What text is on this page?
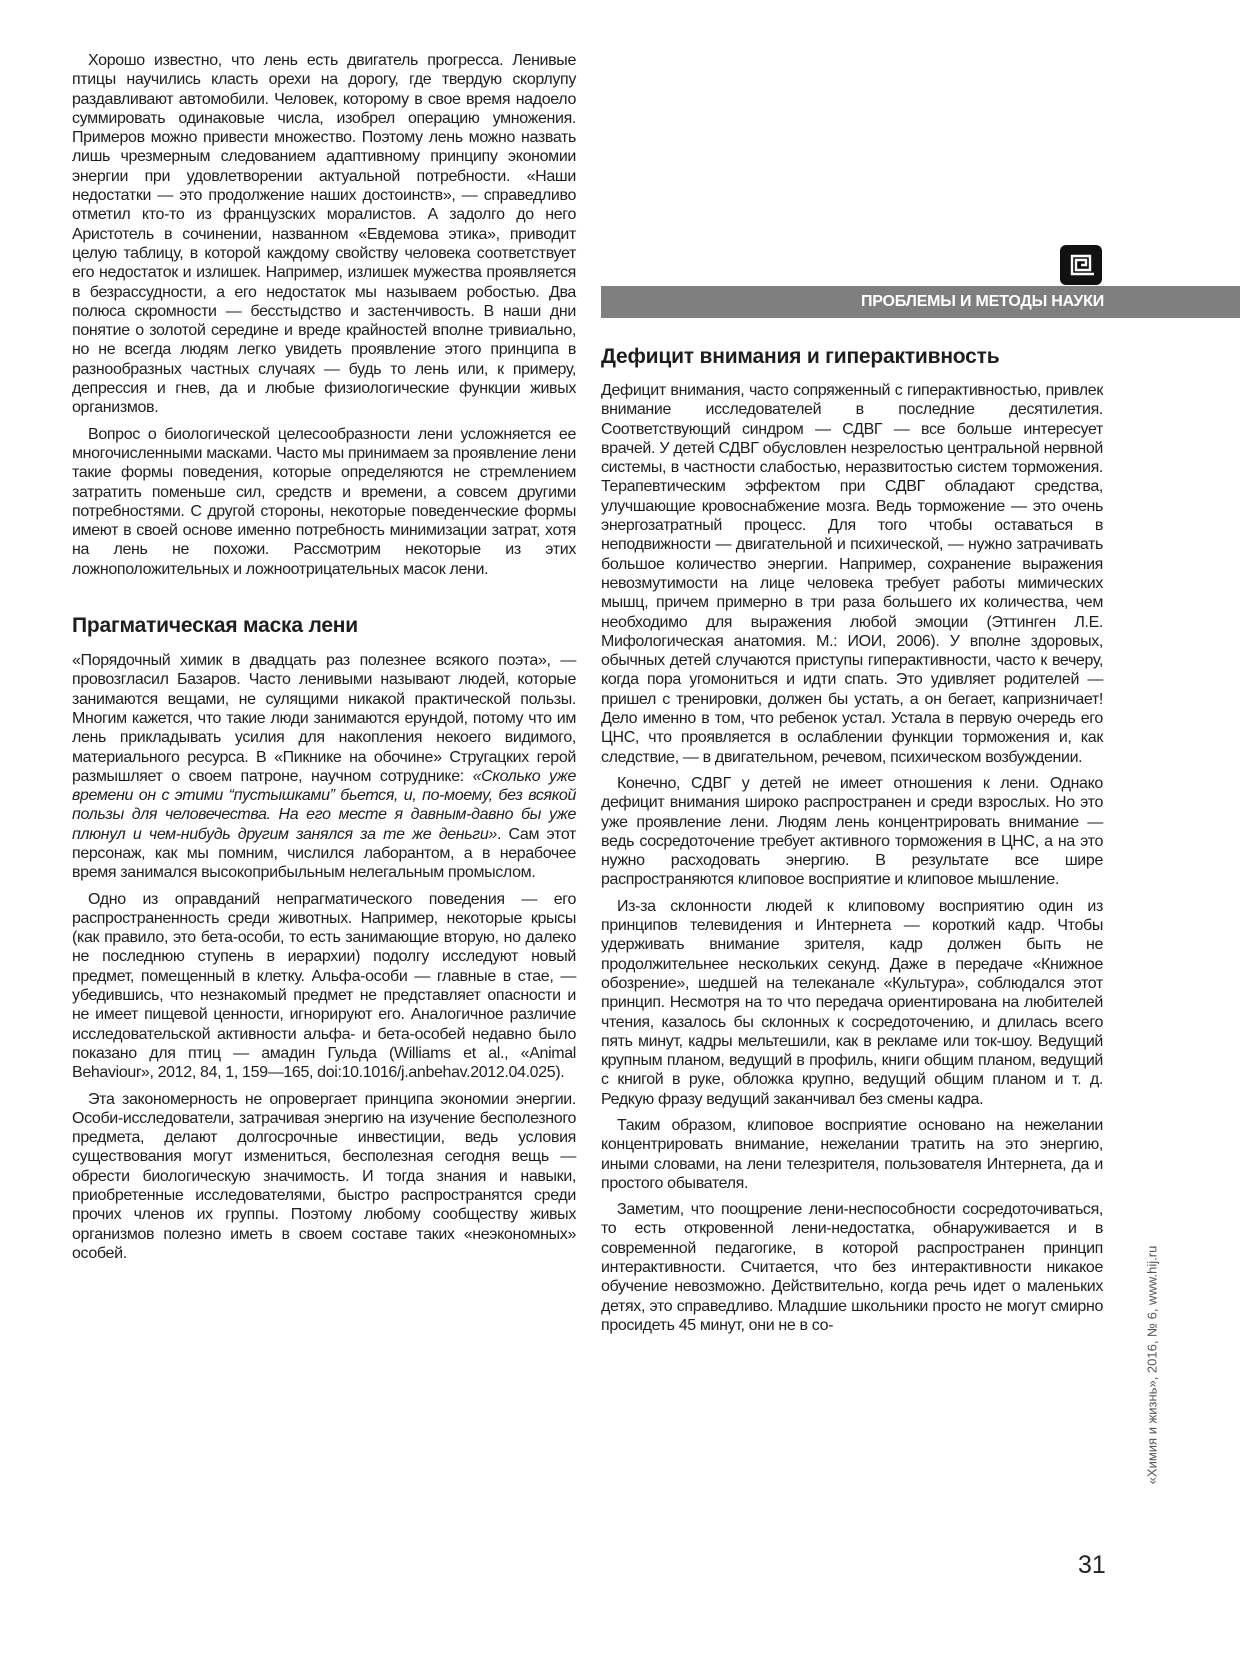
Хорошо известно, что лень есть двигатель прогресса. Ленивые птицы научились класть орехи на дорогу, где твердую скорлупу раздавливают автомобили. Человек, которому в свое время надоело суммировать одинаковые числа, изобрел операцию умножения. Примеров можно привести множество. Поэтому лень можно назвать лишь чрезмерным следованием адаптивному принципу экономии энергии при удовлетворении актуальной потребности. «Наши недостатки — это продолжение наших достоинств», — справедливо отметил кто-то из французских моралистов. А задолго до него Аристотель в сочинении, названном «Евдемова этика», приводит целую таблицу, в которой каждому свойству человека соответствует его недостаток и излишек. Например, излишек мужества проявляется в безрассудности, а его недостаток мы называем робостью. Два полюса скромности — бесстыдство и застенчивость. В наши дни понятие о золотой середине и вреде крайностей вполне тривиально, но не всегда людям легко увидеть проявление этого принципа в разнообразных частных случаях — будь то лень или, к примеру, депрессия и гнев, да и любые физиологические функции живых организмов.

Вопрос о биологической целесообразности лени усложняется ее многочисленными масками. Часто мы принимаем за проявление лени такие формы поведения, которые определяются не стремлением затратить поменьше сил, средств и времени, а совсем другими потребностями. С другой стороны, некоторые поведенческие формы имеют в своей основе именно потребность минимизации затрат, хотя на лень не похожи. Рассмотрим некоторые из этих ложноположительных и ложноотрицательных масок лени.

Прагматическая маска лени

«Порядочный химик в двадцать раз полезнее всякого поэта», — провозгласил Базаров. Часто ленивыми называют людей, которые занимаются вещами, не сулящими никакой практической пользы. Многим кажется, что такие люди занимаются ерундой, потому что им лень прикладывать усилия для накопления некоего видимого, материального ресурса. В «Пикнике на обочине» Стругацких герой размышляет о своем патроне, научном сотруднике: «Сколько уже времени он с этими “пустышками” бьется, и, по-моему, без всякой пользы для человечества. На его месте я давным-давно бы уже плюнул и чем-нибудь другим занялся за те же деньги». Сам этот персонаж, как мы помним, числился лаборантом, а в нерабочее время занимался высокоприбыльным нелегальным промыслом.

Одно из оправданий непрагматического поведения — его распространенность среди животных. Например, некоторые крысы (как правило, это бета-особи, то есть занимающие вторую, но далеко не последнюю ступень в иерархии) подолгу исследуют новый предмет, помещенный в клетку. Альфа-особи — главные в стае, — убедившись, что незнакомый предмет не представляет опасности и не имеет пищевой ценности, игнорируют его. Аналогичное различие исследовательской активности альфа- и бета-особей недавно было показано для птиц — амадин Гульда (Williams et al., «Animal Behaviour», 2012, 84, 1, 159—165, doi:10.1016/j.anbehav.2012.04.025).

Эта закономерность не опровергает принципа экономии энергии. Особи-исследователи, затрачивая энергию на изучение бесполезного предмета, делают долгосрочные инвестиции, ведь условия существования могут измениться, бесполезная сегодня вещь — обрести биологическую значимость. И тогда знания и навыки, приобретенные исследователями, быстро распространятся среди прочих членов их группы. Поэтому любому сообществу живых организмов полезно иметь в своем составе таких «неэкономных» особей.

ПРОБЛЕМЫ И МЕТОДЫ НАУКИ
Дефицит внимания и гиперактивность

Дефицит внимания, часто сопряженный с гиперактивностью, привлек внимание исследователей в последние десятилетия. Соответствующий синдром — СДВГ — все больше интересует врачей. У детей СДВГ обусловлен незрелостью центральной нервной системы, в частности слабостью, неразвитостью систем торможения. Терапевтическим эффектом при СДВГ обладают средства, улучшающие кровоснабжение мозга. Ведь торможение — это очень энергозатратный процесс. Для того чтобы оставаться в неподвижности — двигательной и психической, — нужно затрачивать большое количество энергии. Например, сохранение выражения невозмутимости на лице человека требует работы мимических мышц, причем примерно в три раза большего их количества, чем необходимо для выражения любой эмоции (Эттинген Л.Е. Мифологическая анатомия. М.: ИОИ, 2006). У вполне здоровых, обычных детей случаются приступы гиперактивности, часто к вечеру, когда пора угомониться и идти спать. Это удивляет родителей — пришел с тренировки, должен бы устать, а он бегает, капризничает! Дело именно в том, что ребенок устал. Устала в первую очередь его ЦНС, что проявляется в ослаблении функции торможения и, как следствие, — в двигательном, речевом, психическом возбуждении.

Конечно, СДВГ у детей не имеет отношения к лени. Однако дефицит внимания широко распространен и среди взрослых. Но это уже проявление лени. Людям лень концентрировать внимание — ведь сосредоточение требует активного торможения в ЦНС, а на это нужно расходовать энергию. В результате все шире распространяются клиповое восприятие и клиповое мышление.

Из-за склонности людей к клиповому восприятию один из принципов телевидения и Интернета — короткий кадр. Чтобы удерживать внимание зрителя, кадр должен быть не продолжительнее нескольких секунд. Даже в передаче «Книжное обозрение», шедшей на телеканале «Культура», соблюдался этот принцип. Несмотря на то что передача ориентирована на любителей чтения, казалось бы склонных к сосредоточению, и длилась всего пять минут, кадры мельтешили, как в рекламе или ток-шоу. Ведущий крупным планом, ведущий в профиль, книги общим планом, ведущий с книгой в руке, обложка крупно, ведущий общим планом и т. д. Редкую фразу ведущий заканчивал без смены кадра.

Таким образом, клиповое восприятие основано на нежелании концентрировать внимание, нежелании тратить на это энергию, иными словами, на лени телезрителя, пользователя Интернета, да и простого обывателя.

Заметим, что поощрение лени-неспособности сосредоточиваться, то есть откровенной лени-недостатка, обнаруживается и в современной педагогике, в которой распространен принцип интерактивности. Считается, что без интерактивности никакое обучение невозможно. Действительно, когда речь идет о маленьких детях, это справедливо. Младшие школьники просто не могут смирно просидеть 45 минут, они не в со-	«Химия и жизнь», 2016, № 6, www.hij.ru
31
